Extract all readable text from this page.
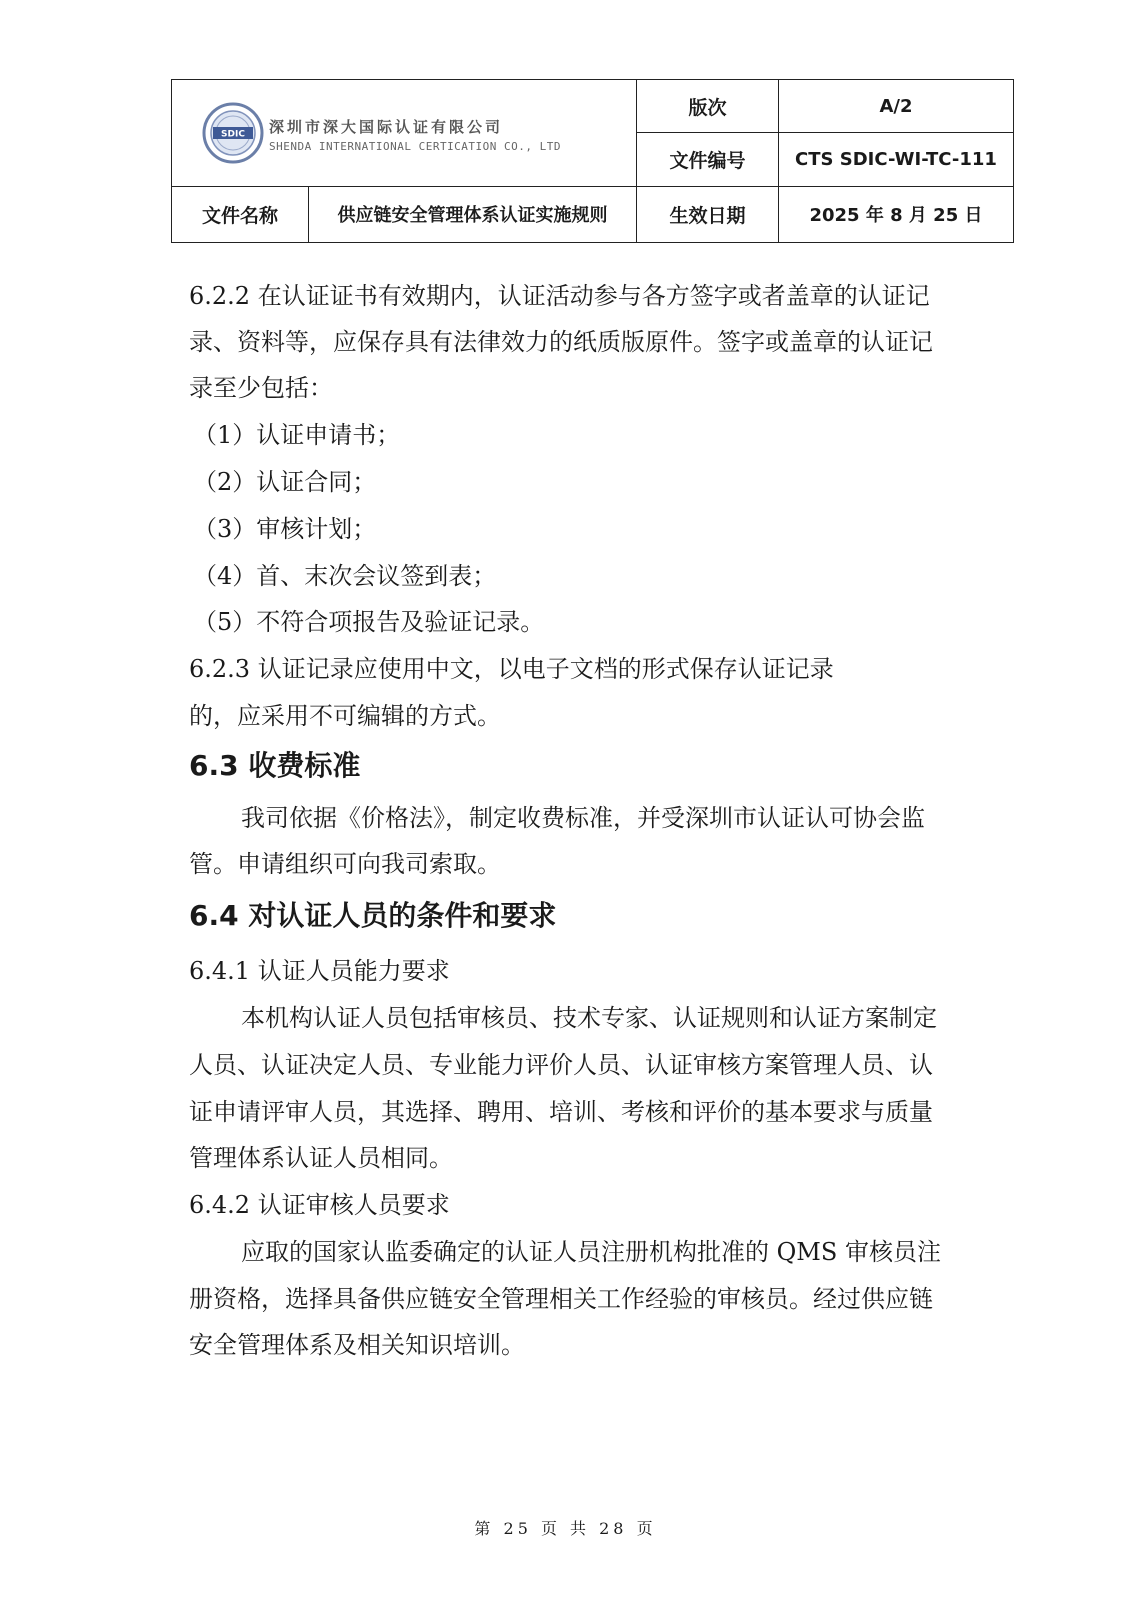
SDIC 深圳市深大国际认证有限公司
SHENDA INTERNATIONAL CERTICATION CO., LTD		版次	A/2
		文件编号	CTS SDIC-WI-TC-111
文件名称	供应链安全管理体系认证实施规则	生效日期	2025 年 8 月 25 日
6.2.2 在认证证书有效期内，认证活动参与各方签字或者盖章的认证记
录、资料等，应保存具有法律效力的纸质版原件。签字或盖章的认证记
录至少包括：
（1）认证申请书；
（2）认证合同；
（3）审核计划；
（4）首、末次会议签到表；
（5）不符合项报告及验证记录。
6.2.3 认证记录应使用中文，以电子文档的形式保存认证记录
的，应采用不可编辑的方式。
6.3 收费标准
我司依据《价格法》，制定收费标准，并受深圳市认证认可协会监
管。申请组织可向我司索取。
6.4 对认证人员的条件和要求
6.4.1 认证人员能力要求
本机构认证人员包括审核员、技术专家、认证规则和认证方案制定
人员、认证决定人员、专业能力评价人员、认证审核方案管理人员、认
证申请评审人员，其选择、聘用、培训、考核和评价的基本要求与质量
管理体系认证人员相同。
6.4.2 认证审核人员要求
应取的国家认监委确定的认证人员注册机构批准的 QMS 审核员注
册资格，选择具备供应链安全管理相关工作经验的审核员。经过供应链
安全管理体系及相关知识培训。
第 25 页 共 28 页
